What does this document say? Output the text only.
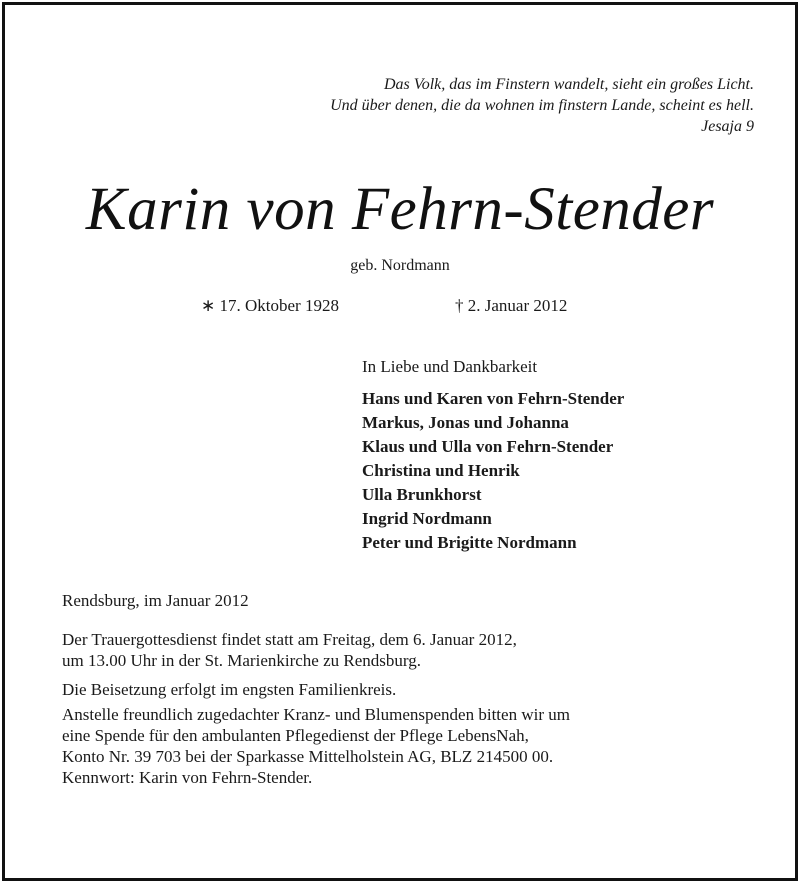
Das Volk, das im Finstern wandelt, sieht ein großes Licht.
Und über denen, die da wohnen im finstern Lande, scheint es hell.
Jesaja 9
Karin von Fehrn-Stender
geb. Nordmann
∗ 17. Oktober 1928	† 2. Januar 2012
In Liebe und Dankbarkeit
Hans und Karen von Fehrn-Stender
Markus, Jonas und Johanna
Klaus und Ulla von Fehrn-Stender
Christina und Henrik
Ulla Brunkhorst
Ingrid Nordmann
Peter und Brigitte Nordmann

Rendsburg, im Januar 2012

Der Trauergottesdienst findet statt am Freitag, dem 6. Januar 2012,

um 13.00 Uhr in der St. Marienkirche zu Rendsburg.

Die Beisetzung erfolgt im engsten Familienkreis.

Anstelle freundlich zugedachter Kranz- und Blumenspenden bitten wir um

eine Spende für den ambulanten Pflegedienst der Pflege LebensNah,

Konto Nr. 39 703 bei der Sparkasse Mittelholstein AG, BLZ 214500 00.

Kennwort: Karin von Fehrn-Stender.
